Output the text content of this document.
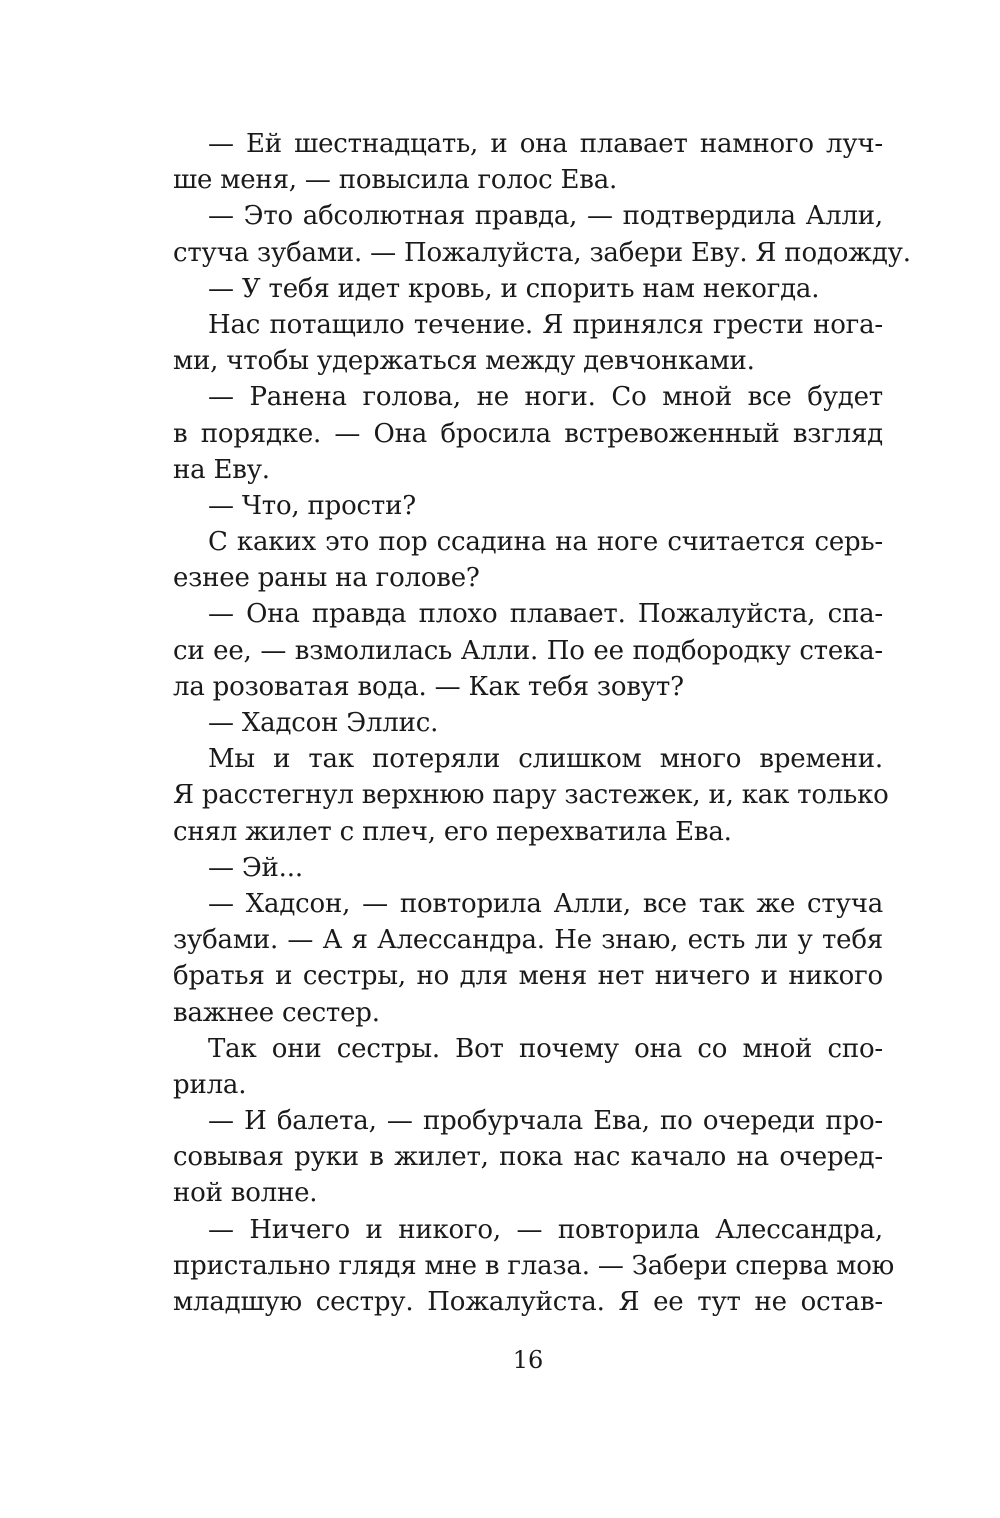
— Ей шестнадцать, и она плавает намного луч-
ше меня, — повысила голос Ева.
— Это абсолютная правда, — подтвердила Алли,
стуча зубами. — Пожалуйста, забери Еву. Я подожду.
— У тебя идет кровь, и спорить нам некогда.
Нас потащило течение. Я принялся грести нога-
ми, чтобы удержаться между девчонками.
— Ранена голова, не ноги. Со мной все будет
в порядке. — Она бросила встревоженный взгляд
на Еву.
— Что, прости?
С каких это пор ссадина на ноге считается серь-
езнее раны на голове?
— Она правда плохо плавает. Пожалуйста, спа-
си ее, — взмолилась Алли. По ее подбородку стека-
ла розоватая вода. — Как тебя зовут?
— Хадсон Эллис.
Мы и так потеряли слишком много времени.
Я расстегнул верхнюю пару застежек, и, как только
снял жилет с плеч, его перехватила Ева.
— Эй...
— Хадсон, — повторила Алли, все так же стуча
зубами. — А я Алессандра. Не знаю, есть ли у тебя
братья и сестры, но для меня нет ничего и никого
важнее сестер.
Так они сестры. Вот почему она со мной спо-
рила.
— И балета, — пробурчала Ева, по очереди про-
совывая руки в жилет, пока нас качало на очеред-
ной волне.
— Ничего и никого, — повторила Алессандра,
пристально глядя мне в глаза. — Забери сперва мою
младшую сестру. Пожалуйста. Я ее тут не остав-
16
